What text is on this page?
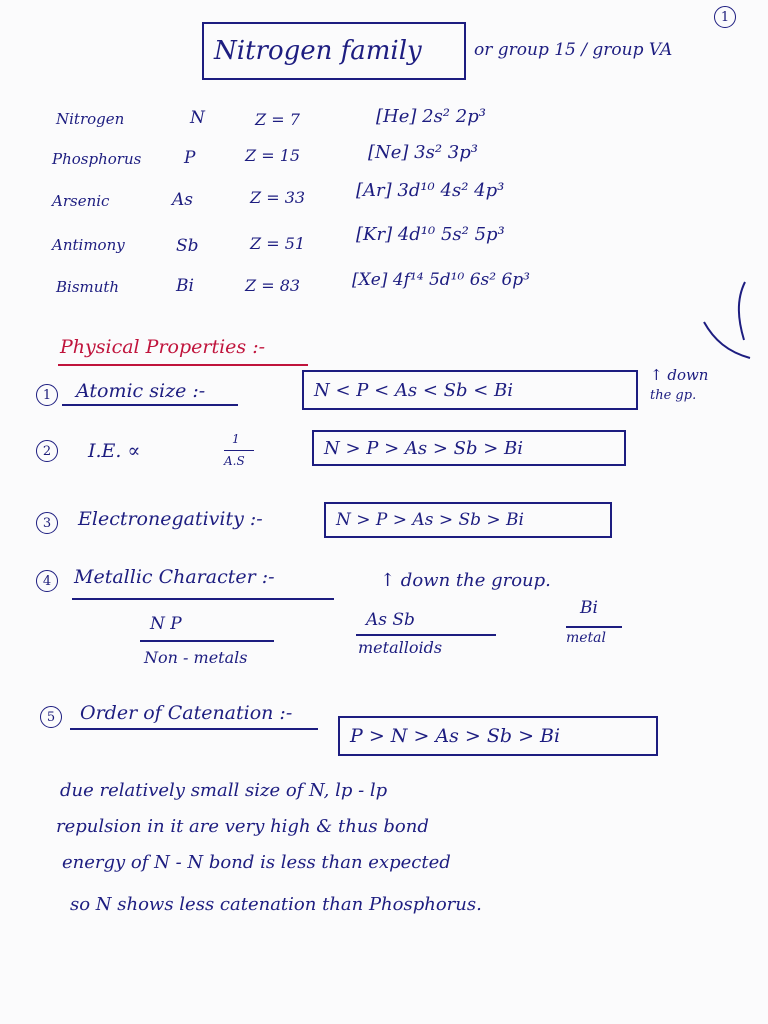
1
Nitrogen family	or group 15 / group VA
Nitrogen	N	Z = 7	[He] 2s² 2p³
Phosphorus	P	Z = 15	[Ne] 3s² 3p³
Arsenic	As	Z = 33	[Ar] 3d¹⁰ 4s² 4p³
Antimony	Sb	Z = 51	[Kr] 4d¹⁰ 5s² 5p³
Bismuth	Bi	Z = 83	[Xe] 4f¹⁴ 5d¹⁰ 6s² 6p³
Physical Properties :-
1	Atomic size :-	N < P < As < Sb < Bi
↑ down
the gp.
2	I.E. ∝
1
A.S
N > P > As > Sb > Bi
3	Electronegativity :-	N > P > As > Sb > Bi
4	Metallic Character :-	↑ down the group.
N P
Non - metals
As Sb
metalloids
Bi
metal
5	Order of Catenation :-
P > N > As > Sb > Bi
due relatively small size of N, lp - lp
repulsion in it are very high & thus bond
energy of N - N bond is less than expected
so N shows less catenation than Phosphorus.
